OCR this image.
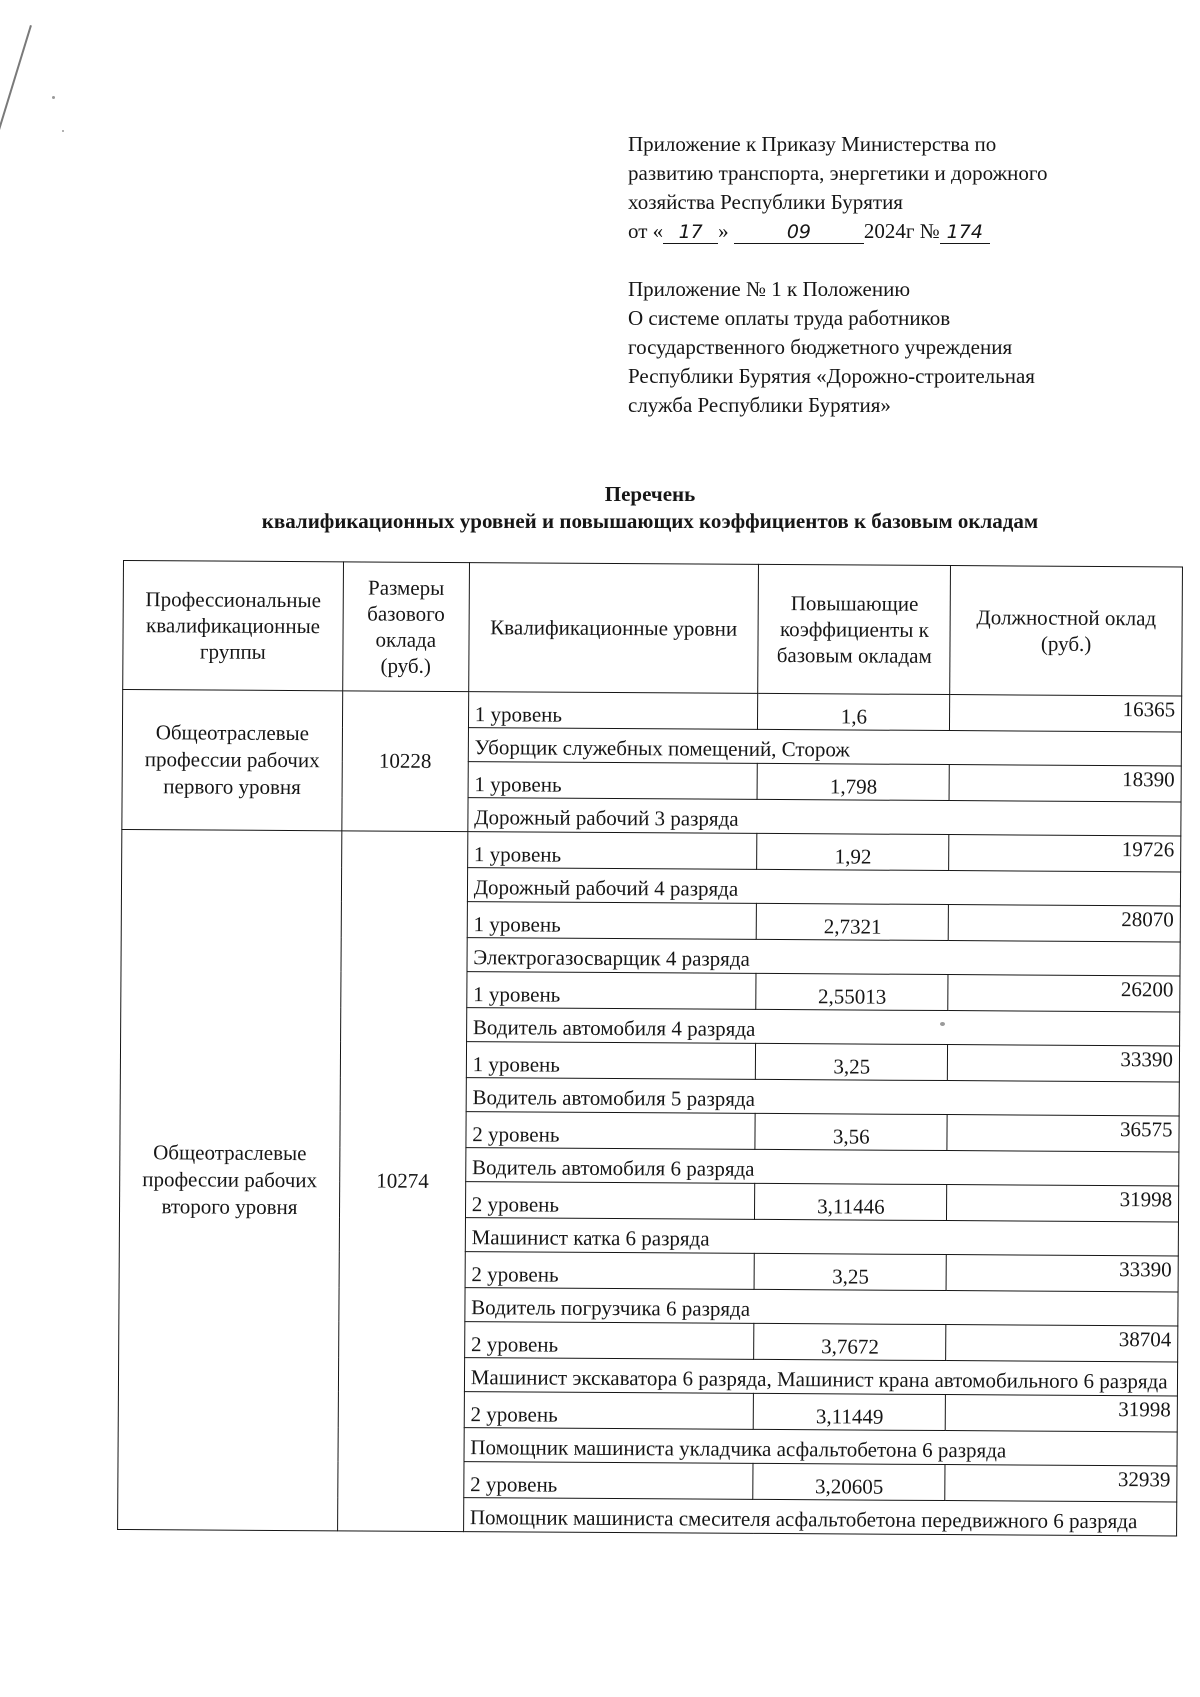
Приложение к Приказу Министерства по

развитию транспорта, энергетики и дорожного

хозяйства Республики Бурятия

от « 17 »	09	2024г № 174

Приложение № 1 к Положению

О системе оплаты труда работников

государственного бюджетного учреждения

Республики Бурятия «Дорожно-строительная

служба Республики Бурятия»

Перечень

квалификационных уровней и повышающих коэффициентов к базовым окладам

Профессиональные квалификационные группы	Размеры базового оклада (руб.)	Квалификационные уровни	Повышающие коэффициенты к базовым окладам	Должностной оклад (руб.)
Общеотраслевые профессии рабочих первого уровня	10228	1 уровень	1,6	16365
		Уборщик служебных помещений, Сторож		
		1 уровень	1,798	18390
		Дорожный рабочий 3 разряда		
Общеотраслевые профессии рабочих второго уровня	10274	1 уровень	1,92	19726
		Дорожный рабочий 4 разряда		
		1 уровень	2,7321	28070
		Электрогазосварщик 4 разряда		
		1 уровень	2,55013	26200
		Водитель автомобиля 4 разряда		
		1 уровень	3,25	33390
		Водитель автомобиля 5 разряда		
		2 уровень	3,56	36575
		Водитель автомобиля 6 разряда		
		2 уровень	3,11446	31998
		Машинист катка 6 разряда		
		2 уровень	3,25	33390
		Водитель погрузчика 6 разряда		
		2 уровень	3,7672	38704
		Машинист экскаватора 6 разряда, Машинист крана автомобильного 6 разряда		
		2 уровень	3,11449	31998
		Помощник машиниста укладчика асфальтобетона 6 разряда		
		2 уровень	3,20605	32939
		Помощник машиниста смесителя асфальтобетона передвижного 6 разряда		
